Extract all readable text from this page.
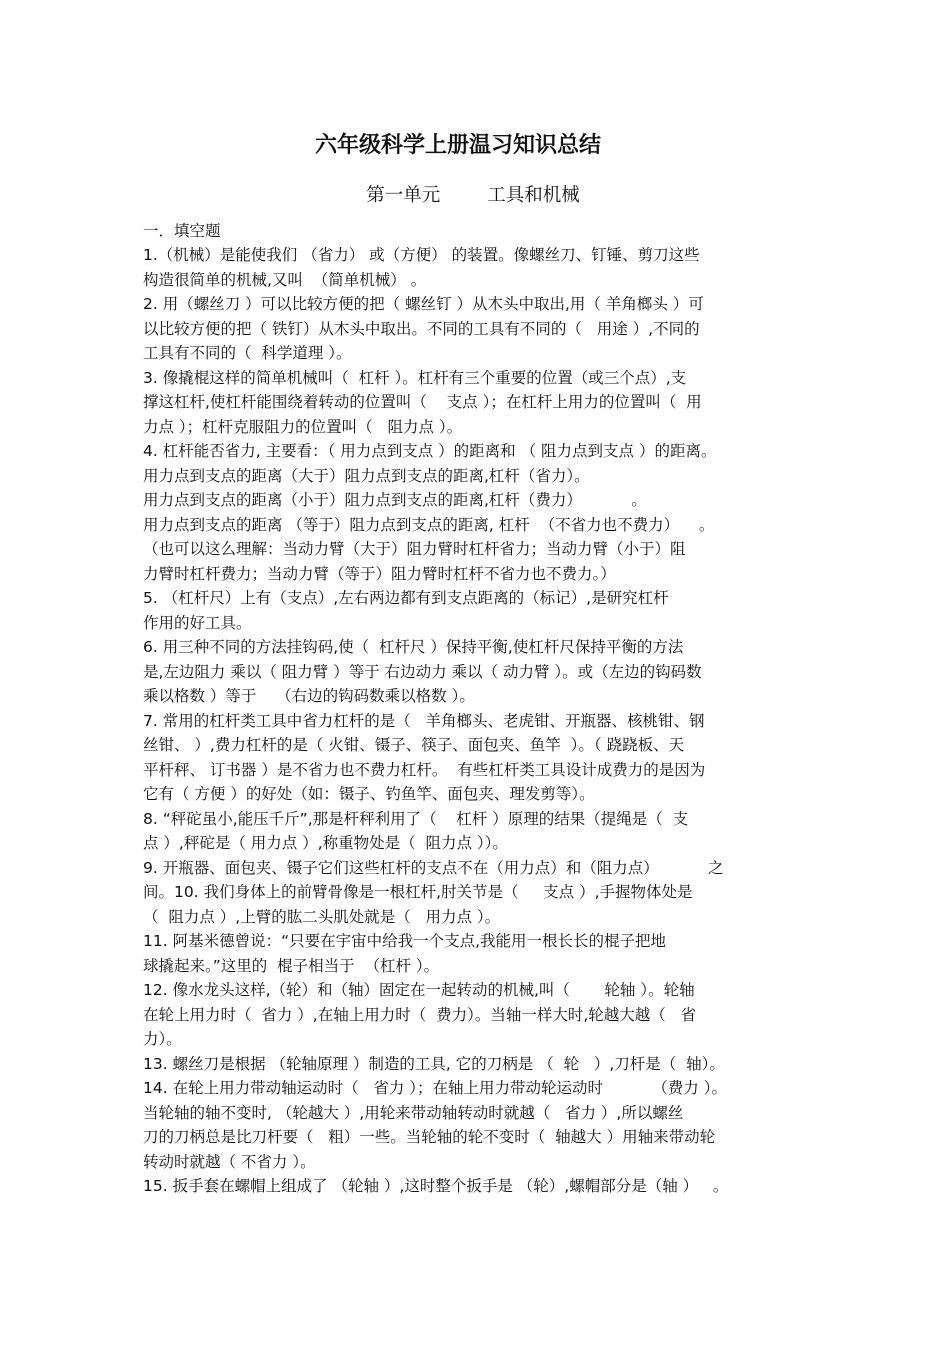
六年级科学上册温习知识总结
第一单元        工具和机械
一．填空题
1.（机械）是能使我们 （省力） 或（方便） 的装置。像螺丝刀、钉锤、剪刀这些
构造很简单的机械,又叫  （简单机械） 。
2. 用（螺丝刀 ）可以比较方便的把（ 螺丝钉 ）从木头中取出,用（ 羊角榔头 ）可
以比较方便的把（ 铁钉）从木头中取出。不同的工具有不同的（   用途 ）,不同的
工具有不同的（  科学道理 ）。
3. 像撬棍这样的简单机械叫（  杠杆 ）。杠杆有三个重要的位置（或三个点）,支
撑这杠杆,使杠杆能围绕着转动的位置叫（    支点 ）；在杠杆上用力的位置叫（  用
力点 ）；杠杆克服阻力的位置叫（   阻力点 ）。
4. 杠杆能否省力, 主要看：（ 用力点到支点 ）的距离和 （ 阻力点到支点 ）的距离。
用力点到支点的距离（大于）阻力点到支点的距离,杠杆（省力）。
用力点到支点的距离（小于）阻力点到支点的距离,杠杆（费力）          。
用力点到支点的距离 （等于）阻力点到支点的距离, 杠杆  （不省力也不费力）    。
（也可以这么理解：当动力臂（大于）阻力臂时杠杆省力；当动力臂（小于）阻
力臂时杠杆费力；当动力臂（等于）阻力臂时杠杆不省力也不费力。）
5. （杠杆尺）上有（支点）,左右两边都有到支点距离的（标记）,是研究杠杆
作用的好工具。
6. 用三种不同的方法挂钩码,使（  杠杆尺 ）保持平衡,使杠杆尺保持平衡的方法
是,左边阻力 乘以（ 阻力臂 ）等于 右边动力 乘以（ 动力臂 ）。或（左边的钩码数
乘以格数 ）等于    （右边的钩码数乘以格数 ）。
7. 常用的杠杆类工具中省力杠杆的是（   羊角榔头、老虎钳、开瓶器、核桃钳、钢
丝钳、 ）,费力杠杆的是（ 火钳、镊子、筷子、面包夹、鱼竿  ）。（ 跷跷板、天
平杆秤、 订书器 ）是不省力也不费力杠杆。  有些杠杆类工具设计成费力的是因为
它有（ 方便 ）的好处（如：镊子、钓鱼竿、面包夹、理发剪等）。
8. “秤砣虽小,能压千斤”,那是杆秤利用了（    杠杆 ）原理的结果（提绳是（  支
点 ）,秤砣是（ 用力点 ）,称重物处是（  阻力点 ））。
9. 开瓶器、面包夹、镊子它们这些杠杆的支点不在（用力点）和（阻力点）          之
间。10. 我们身体上的前臂骨像是一根杠杆,肘关节是（     支点 ）,手握物体处是
（  阻力点 ）,上臂的肱二头肌处就是（   用力点 ）。
11. 阿基米德曾说：“只要在宇宙中给我一个支点,我能用一根长长的棍子把地
球撬起来。”这里的  棍子相当于  （杠杆 ）。
12. 像水龙头这样,（轮）和（轴）固定在一起转动的机械,叫（       轮轴 ）。轮轴
在轮上用力时（  省力 ）,在轴上用力时（  费力）。当轴一样大时,轮越大越（   省
力）。
13. 螺丝刀是根据 （轮轴原理 ）制造的工具, 它的刀柄是 （  轮   ）,刀杆是（  轴）。
14. 在轮上用力带动轴运动时（   省力 ）；在轴上用力带动轮运动时          （费力 ）。
当轮轴的轴不变时, （轮越大 ）,用轮来带动轴转动时就越（   省力 ）,所以螺丝
刀的刀柄总是比刀杆要（   粗）一些。当轮轴的轮不变时（  轴越大 ）用轴来带动轮
转动时就越（ 不省力 ）。
15. 扳手套在螺帽上组成了 （轮轴 ）,这时整个扳手是 （轮）,螺帽部分是（轴 ）   。
